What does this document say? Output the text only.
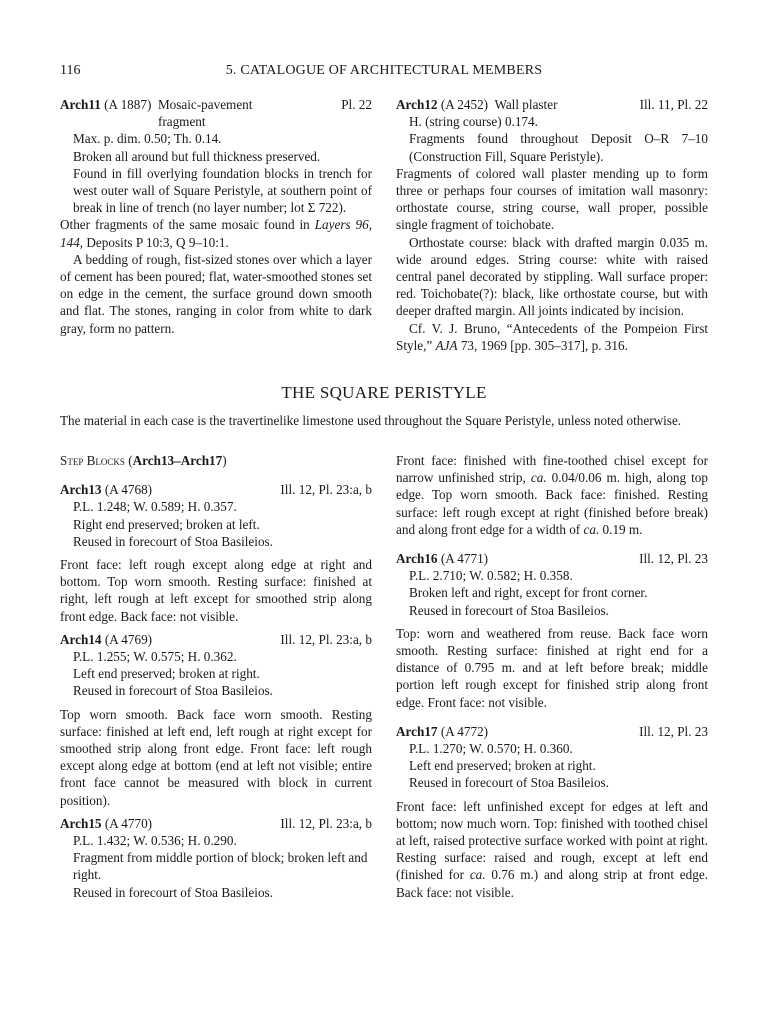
116	5. CATALOGUE OF ARCHITECTURAL MEMBERS
Arch11 (A 1887) Mosaic-pavement
fragment
Pl. 22

Max. p. dim. 0.50; Th. 0.14.

Broken all around but full thickness preserved.

Found in fill overlying foundation blocks in trench for west outer wall of Square Peristyle, at southern point of break in line of trench (no layer number; lot Σ 722).

Other fragments of the same mosaic found in Layers 96, 144, Deposits P 10:3, Q 9–10:1.

A bedding of rough, fist-sized stones over which a layer of cement has been poured; flat, water-smoothed stones set on edge in the cement, the surface ground down smooth and flat. The stones, ranging in color from white to dark gray, form no pattern.

Arch12 (A 2452) Wall plaster	Ill. 11, Pl. 22

H. (string course) 0.174.

Fragments found throughout Deposit O–R 7–10 (Construction Fill, Square Peristyle).

Fragments of colored wall plaster mending up to form three or perhaps four courses of imitation wall masonry: orthostate course, string course, wall proper, possible single fragment of toichobate.

Orthostate course: black with drafted margin 0.035 m. wide around edges. String course: white with raised central panel decorated by stippling. Wall surface proper: red. Toichobate(?): black, like orthostate course, but with deeper drafted margin. All joints indicated by incision.

Cf. V. J. Bruno, “Antecedents of the Pompeion First Style,” AJA 73, 1969 [pp. 305–317], p. 316.

THE SQUARE PERISTYLE
The material in each case is the travertinelike limestone used throughout the Square Peristyle, unless noted otherwise.

Step Blocks (Arch13–Arch17)

Arch13 (A 4768)	Ill. 12, Pl. 23:a, b

P.L. 1.248; W. 0.589; H. 0.357.

Right end preserved; broken at left.

Reused in forecourt of Stoa Basileios.

Front face: left rough except along edge at right and bottom. Top worn smooth. Resting surface: finished at right, left rough at left except for smoothed strip along front edge. Back face: not visible.

Arch14 (A 4769)	Ill. 12, Pl. 23:a, b

P.L. 1.255; W. 0.575; H. 0.362.

Left end preserved; broken at right.

Reused in forecourt of Stoa Basileios.

Top worn smooth. Back face worn smooth. Resting surface: finished at left end, left rough at right except for smoothed strip along front edge. Front face: left rough except along edge at bottom (end at left not visible; entire front face cannot be measured with block in current position).

Arch15 (A 4770)	Ill. 12, Pl. 23:a, b

P.L. 1.432; W. 0.536; H. 0.290.

Fragment from middle portion of block; broken left and right.

Reused in forecourt of Stoa Basileios.

Front face: finished with fine-toothed chisel except for narrow unfinished strip, ca. 0.04/0.06 m. high, along top edge. Top worn smooth. Back face: finished. Resting surface: left rough except at right (finished before break) and along front edge for a width of ca. 0.19 m.

Arch16 (A 4771)	Ill. 12, Pl. 23

P.L. 2.710; W. 0.582; H. 0.358.

Broken left and right, except for front corner.

Reused in forecourt of Stoa Basileios.

Top: worn and weathered from reuse. Back face worn smooth. Resting surface: finished at right end for a distance of 0.795 m. and at left before break; middle portion left rough except for finished strip along front edge. Front face: not visible.

Arch17 (A 4772)	Ill. 12, Pl. 23

P.L. 1.270; W. 0.570; H. 0.360.

Left end preserved; broken at right.

Reused in forecourt of Stoa Basileios.

Front face: left unfinished except for edges at left and bottom; now much worn. Top: finished with toothed chisel at left, raised protective surface worked with point at right. Resting surface: raised and rough, except at left end (finished for ca. 0.76 m.) and along strip at front edge. Back face: not visible.
